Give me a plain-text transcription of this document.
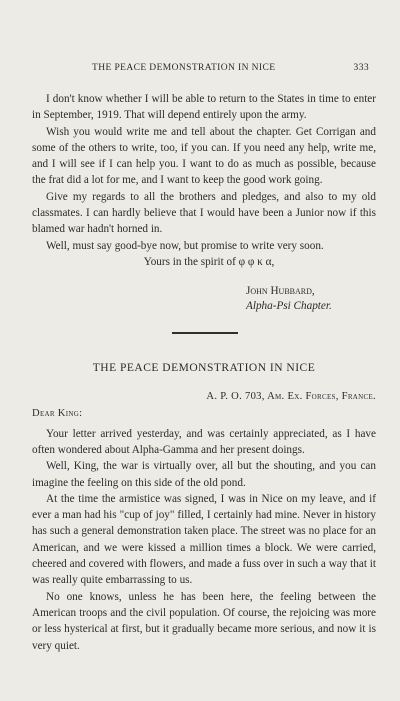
THE PEACE DEMONSTRATION IN NICE	333

I don't know whether I will be able to return to the States in time to enter in September, 1919. That will depend entirely upon the army.

Wish you would write me and tell about the chapter. Get Corrigan and some of the others to write, too, if you can. If you need any help, write me, and I will see if I can help you. I want to do as much as possible, because the frat did a lot for me, and I want to keep the good work going.

Give my regards to all the brothers and pledges, and also to my old classmates. I can hardly believe that I would have been a Junior now if this blamed war hadn't horned in.

Well, must say good-bye now, but promise to write very soon.

Yours in the spirit of φ φ κ α,

John Hubbard,

Alpha-Psi Chapter.

THE PEACE DEMONSTRATION IN NICE
A. P. O. 703, Am. Ex. Forces, France.
Dear King:

Your letter arrived yesterday, and was certainly appreciated, as I have often wondered about Alpha-Gamma and her present doings.

Well, King, the war is virtually over, all but the shouting, and you can imagine the feeling on this side of the old pond.

At the time the armistice was signed, I was in Nice on my leave, and if ever a man had his "cup of joy" filled, I certainly had mine. Never in history has such a general demonstration taken place. The street was no place for an American, and we were kissed a million times a block. We were carried, cheered and covered with flowers, and made a fuss over in such a way that it was really quite embarrassing to us.

No one knows, unless he has been here, the feeling between the American troops and the civil population. Of course, the rejoicing was more or less hysterical at first, but it gradually became more serious, and now it is very quiet.
